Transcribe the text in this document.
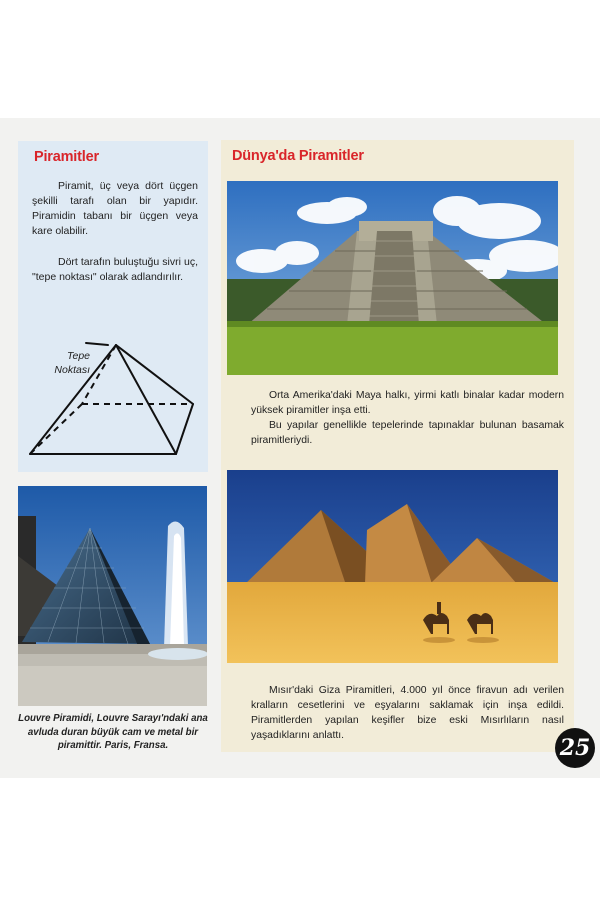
Piramitler

Piramit, üç veya dört üçgen şekilli tarafı olan bir yapıdır. Piramidin tabanı bir üçgen veya kare olabilir.

Dört tarafın buluştuğu sivri uç, "tepe noktası" olarak adlandırılır.

Tepe
Noktası
Louvre Piramidi, Louvre Sarayı'ndaki ana avluda duran büyük cam ve metal bir piramittir. Paris, Fransa.
Dünya'da Piramitler

Orta Amerika'daki Maya halkı, yirmi katlı binalar kadar modern yüksek piramitler inşa etti.

Bu yapılar genellikle tepelerinde tapınaklar bulunan basamak piramitleriydi.

Mısır'daki Giza Piramitleri, 4.000 yıl önce firavun adı verilen kralların cesetlerini ve eşyalarını saklamak için inşa edildi. Piramitlerden yapılan keşifler bize eski Mısırlıların nasıl yaşadıklarını anlattı.	25
